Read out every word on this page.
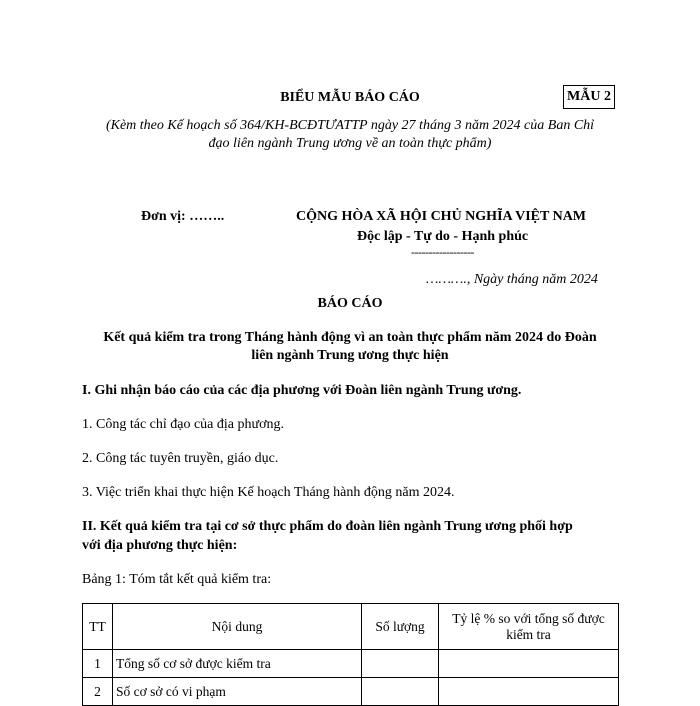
BIỂU MẪU BÁO CÁO	MẪU 2
(Kèm theo Kế hoạch số 364/KH-BCĐTƯATTP ngày 27 tháng 3 năm 2024 của Ban Chỉ
đạo liên ngành Trung ương về an toàn thực phẩm)
Đơn vị: ……..	CỘNG HÒA XÃ HỘI CHỦ NGHĨA VIỆT NAM
Độc lập - Tự do - Hạnh phúc
------------------
………., Ngày tháng năm 2024
BÁO CÁO
Kết quả kiểm tra trong Tháng hành động vì an toàn thực phẩm năm 2024 do Đoàn
liên ngành Trung ương thực hiện
I. Ghi nhận báo cáo của các địa phương với Đoàn liên ngành Trung ương.
1. Công tác chỉ đạo của địa phương.
2. Công tác tuyên truyền, giáo dục.
3. Việc triển khai thực hiện Kế hoạch Tháng hành động năm 2024.
II. Kết quả kiểm tra tại cơ sở thực phẩm do đoàn liên ngành Trung ương phối hợp
với địa phương thực hiện:
Bảng 1: Tóm tắt kết quả kiểm tra:
TT	Nội dung	Số lượng	Tỷ lệ % so với tổng số được
kiểm tra

1	Tổng số cơ sở được kiểm tra		
2	Số cơ sở có vi phạm		
